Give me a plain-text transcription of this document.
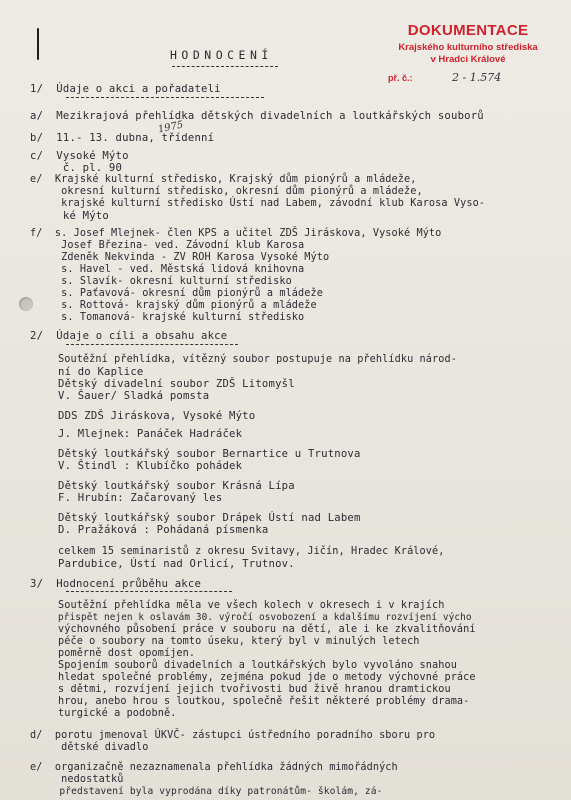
DOKUMENTACE
Krajského kulturního střediska
v Hradci Králové
př. č.:	2 - 1.574
HODNOCENÍ
1/  Údaje o akci a pořadateli
a/  Mezikrajová přehlídka dětských divadelních a loutkářských souborů
b/  11.- 13. dubna, třídenní
1975
c/  Vysoké Mýto
č. pl. 90
e/  Krajské kulturní středisko, Krajský dům pionýrů a mládeže,
okresní kulturní středisko, okresní dům pionýrů a mládeže,
krajské kulturní středisko Ústí nad Labem, závodní klub Karosa Vyso-
ké Mýto
f/  s. Josef Mlejnek- člen KPS a učitel ZDŠ Jiráskova, Vysoké Mýto
Josef Březina- ved. Závodní klub Karosa
Zdeněk Nekvinda - ZV ROH Karosa Vysoké Mýto
s. Havel - ved. Městská lidová knihovna
s. Slavík- okresní kulturní středisko
s. Paťavová- okresní dům pionýrů a mládeže
s. Rottová- krajský dům pionýrů a mládeže
s. Tomanová- krajské kulturní středisko
2/  Údaje o cíli a obsahu akce
Soutěžní přehlídka, vítězný soubor postupuje na přehlídku národ-
ní do Kaplice
Dětský divadelní soubor ZDŠ Litomyšl
V. Šauer/ Sladká pomsta
DDS ZDŠ Jiráskova, Vysoké Mýto
J. Mlejnek: Panáček Hadráček
Dětský loutkářský soubor Bernartice u Trutnova
V. Štindl : Klubíčko pohádek
Dětský loutkářský soubor Krásná Lípa
F. Hrubín: Začarovaný les
Dětský loutkářský soubor Drápek Ústí nad Labem
D. Pražáková : Pohádaná písmenka
celkem 15 seminaristů z okresu Svitavy, Jičín, Hradec Králové,
Pardubice, Ústí nad Orlicí, Trutnov.
3/  Hodnocení průběhu akce
Soutěžní přehlídka měla ve všech kolech v okresech i v krajích
přispět nejen k oslavám 30. výročí osvobození a kdalšímu rozvíjení výcho
výchovného působení práce v souboru na dětí, ale i ke zkvalitňování
péče o soubory na tomto úseku, který byl v minulých letech
poměrně dost opomíjen.
Spojením souborů divadelních a loutkářských bylo vyvoláno snahou
hledat společné problémy, zejména pokud jde o metody výchovné práce
s dětmi, rozvíjení jejich tvořivosti bud živě hranou dramtickou
hrou, anebo hrou s loutkou, společně řešit některé problémy drama-
turgické a podobně.
d/  porotu jmenoval ÚKVČ- zástupci ústředního poradního sboru pro
dětské divadlo
e/  organizačně nezaznamenala přehlídka žádných mimořádných
nedostatků
představení byla vyprodána díky patronátům- školám, zá-
